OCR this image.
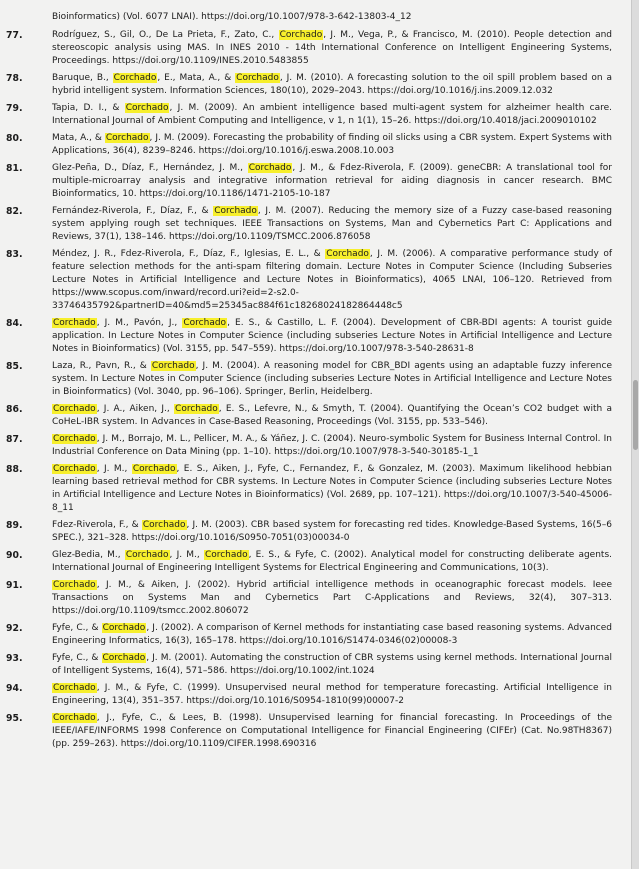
Bioinformatics) (Vol. 6077 LNAI). https://doi.org/10.1007/978-3-642-13803-4_12
77.	Rodríguez, S., Gil, O., De La Prieta, F., Zato, C., Corchado, J. M., Vega, P., & Francisco, M. (2010). People detection and stereoscopic analysis using MAS. In INES 2010 - 14th International Conference on Intelligent Engineering Systems, Proceedings. https://doi.org/10.1109/INES.2010.5483855
78.	Baruque, B., Corchado, E., Mata, A., & Corchado, J. M. (2010). A forecasting solution to the oil spill problem based on a hybrid intelligent system. Information Sciences, 180(10), 2029–2043. https://doi.org/10.1016/j.ins.2009.12.032
79.	Tapia, D. I., & Corchado, J. M. (2009). An ambient intelligence based multi-agent system for alzheimer health care. International Journal of Ambient Computing and Intelligence, v 1, n 1(1), 15–26. https://doi.org/10.4018/jaci.2009010102
80.	Mata, A., & Corchado, J. M. (2009). Forecasting the probability of finding oil slicks using a CBR system. Expert Systems with Applications, 36(4), 8239–8246. https://doi.org/10.1016/j.eswa.2008.10.003
81.	Glez-Peña, D., Díaz, F., Hernández, J. M., Corchado, J. M., & Fdez-Riverola, F. (2009). geneCBR: A translational tool for multiple-microarray analysis and integrative information retrieval for aiding diagnosis in cancer research. BMC Bioinformatics, 10. https://doi.org/10.1186/1471-2105-10-187
82.	Fernández-Riverola, F., Díaz, F., & Corchado, J. M. (2007). Reducing the memory size of a Fuzzy case-based reasoning system applying rough set techniques. IEEE Transactions on Systems, Man and Cybernetics Part C: Applications and Reviews, 37(1), 138–146. https://doi.org/10.1109/TSMCC.2006.876058
83.	Méndez, J. R., Fdez-Riverola, F., Díaz, F., Iglesias, E. L., & Corchado, J. M. (2006). A comparative performance study of feature selection methods for the anti-spam filtering domain. Lecture Notes in Computer Science (Including Subseries Lecture Notes in Artificial Intelligence and Lecture Notes in Bioinformatics), 4065 LNAI, 106–120. Retrieved from https://www.scopus.com/inward/record.uri?eid=2-s2.0-33746435792&partnerID=40&md5=25345ac884f61c18268024182864448c5
84.	Corchado, J. M., Pavón, J., Corchado, E. S., & Castillo, L. F. (2004). Development of CBR-BDI agents: A tourist guide application. In Lecture Notes in Computer Science (including subseries Lecture Notes in Artificial Intelligence and Lecture Notes in Bioinformatics) (Vol. 3155, pp. 547–559). https://doi.org/10.1007/978-3-540-28631-8
85.	Laza, R., Pavn, R., & Corchado, J. M. (2004). A reasoning model for CBR_BDI agents using an adaptable fuzzy inference system. In Lecture Notes in Computer Science (including subseries Lecture Notes in Artificial Intelligence and Lecture Notes in Bioinformatics) (Vol. 3040, pp. 96–106). Springer, Berlin, Heidelberg.
86.	Corchado, J. A., Aiken, J., Corchado, E. S., Lefevre, N., & Smyth, T. (2004). Quantifying the Ocean’s CO2 budget with a CoHeL-IBR system. In Advances in Case-Based Reasoning, Proceedings (Vol. 3155, pp. 533–546).
87.	Corchado, J. M., Borrajo, M. L., Pellicer, M. A., & Yáñez, J. C. (2004). Neuro-symbolic System for Business Internal Control. In Industrial Conference on Data Mining (pp. 1–10). https://doi.org/10.1007/978-3-540-30185-1_1
88.	Corchado, J. M., Corchado, E. S., Aiken, J., Fyfe, C., Fernandez, F., & Gonzalez, M. (2003). Maximum likelihood hebbian learning based retrieval method for CBR systems. In Lecture Notes in Computer Science (including subseries Lecture Notes in Artificial Intelligence and Lecture Notes in Bioinformatics) (Vol. 2689, pp. 107–121). https://doi.org/10.1007/3-540-45006-8_11
89.	Fdez-Riverola, F., & Corchado, J. M. (2003). CBR based system for forecasting red tides. Knowledge-Based Systems, 16(5–6 SPEC.), 321–328. https://doi.org/10.1016/S0950-7051(03)00034-0
90.	Glez-Bedia, M., Corchado, J. M., Corchado, E. S., & Fyfe, C. (2002). Analytical model for constructing deliberate agents. International Journal of Engineering Intelligent Systems for Electrical Engineering and Communications, 10(3).
91.	Corchado, J. M., & Aiken, J. (2002). Hybrid artificial intelligence methods in oceanographic forecast models. Ieee Transactions on Systems Man and Cybernetics Part C-Applications and Reviews, 32(4), 307–313. https://doi.org/10.1109/tsmcc.2002.806072
92.	Fyfe, C., & Corchado, J. (2002). A comparison of Kernel methods for instantiating case based reasoning systems. Advanced Engineering Informatics, 16(3), 165–178. https://doi.org/10.1016/S1474-0346(02)00008-3
93.	Fyfe, C., & Corchado, J. M. (2001). Automating the construction of CBR systems using kernel methods. International Journal of Intelligent Systems, 16(4), 571–586. https://doi.org/10.1002/int.1024
94.	Corchado, J. M., & Fyfe, C. (1999). Unsupervised neural method for temperature forecasting. Artificial Intelligence in Engineering, 13(4), 351–357. https://doi.org/10.1016/S0954-1810(99)00007-2
95.	Corchado, J., Fyfe, C., & Lees, B. (1998). Unsupervised learning for financial forecasting. In Proceedings of the IEEE/IAFE/INFORMS 1998 Conference on Computational Intelligence for Financial Engineering (CIFEr) (Cat. No.98TH8367) (pp. 259–263). https://doi.org/10.1109/CIFER.1998.690316
